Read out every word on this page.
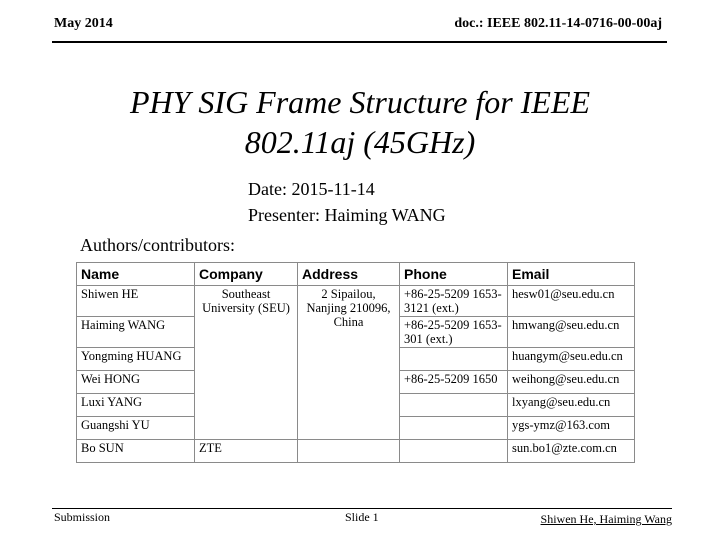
May 2014	doc.: IEEE 802.11-14-0716-00-00aj
PHY SIG Frame Structure for IEEE
802.11aj (45GHz)
Date: 2015-11-14
Presenter: Haiming WANG
Authors/contributors:
Name	Company	Address	Phone	Email
Shiwen HE	Southeast University (SEU)	2 Sipailou, Nanjing 210096, China	+86-25-5209 1653-3121 (ext.)	hesw01@seu.edu.cn
Haiming WANG			+86-25-5209 1653-301 (ext.)	hmwang@seu.edu.cn
Yongming HUANG				huangym@seu.edu.cn
Wei HONG			+86-25-5209 1650	weihong@seu.edu.cn
Luxi YANG				lxyang@seu.edu.cn
Guangshi YU				ygs-ymz@163.com
Bo SUN	ZTE			sun.bo1@zte.com.cn
Submission	Slide 1	Shiwen He, Haiming Wang
